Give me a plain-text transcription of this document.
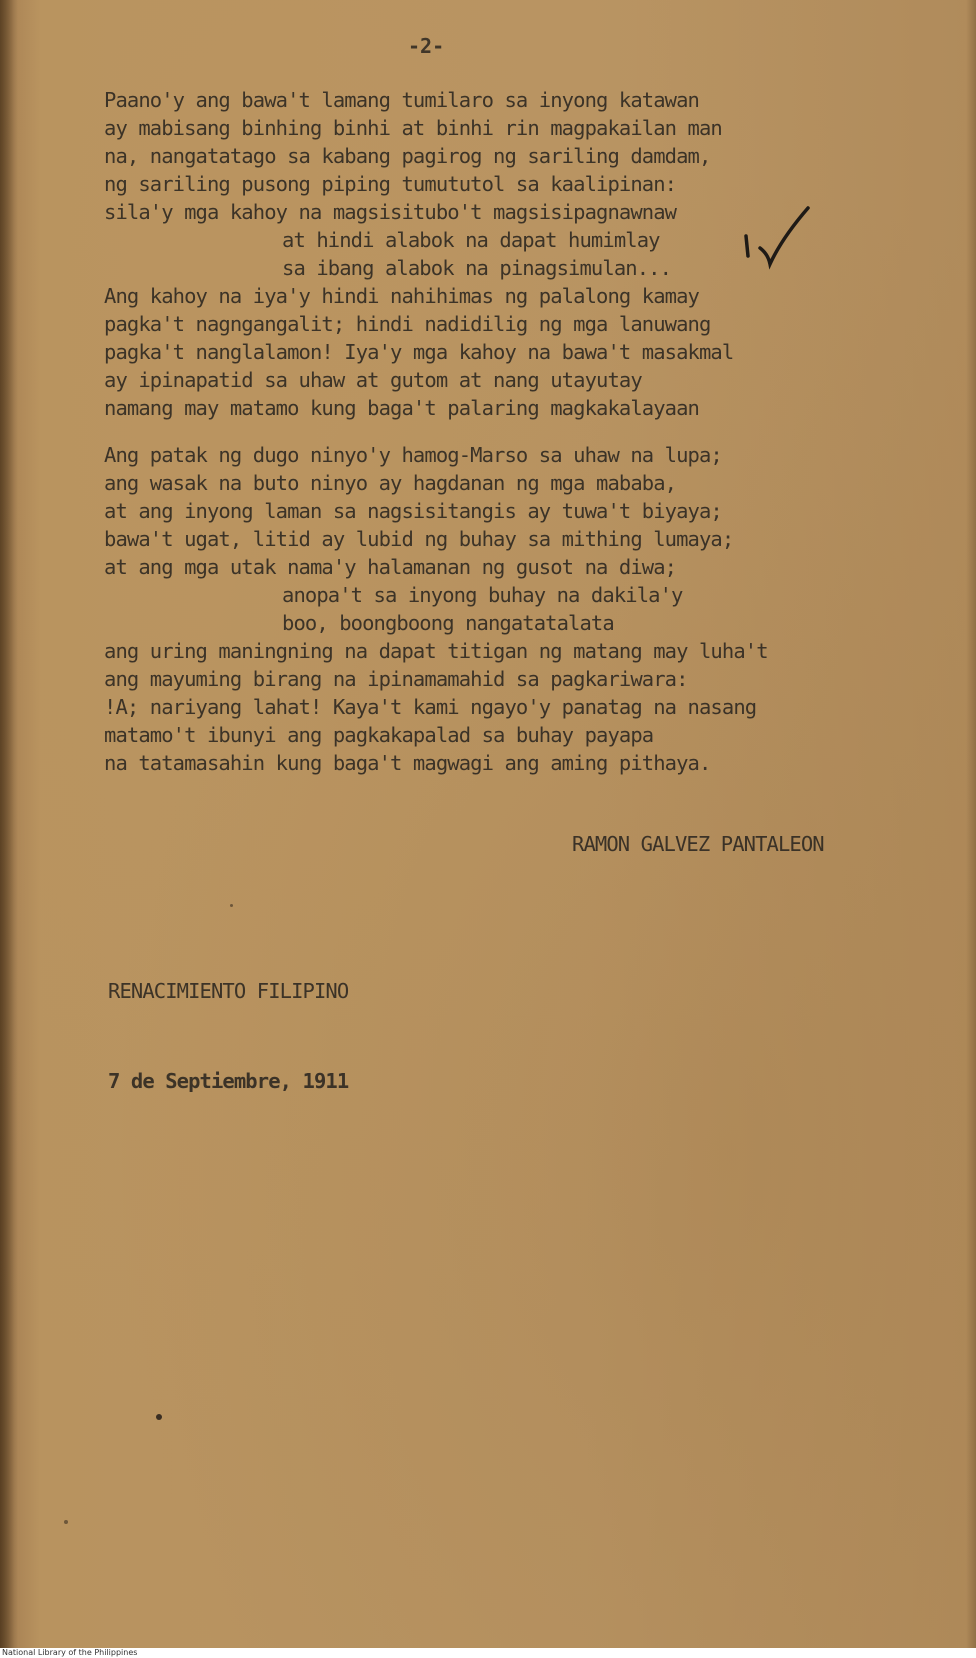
-2-
Paano'y ang bawa't lamang tumilaro sa inyong katawan
ay mabisang binhing binhi at binhi rin magpakailan man
na, nangatatago sa kabang pagirog ng sariling damdam,
ng sariling pusong piping tumututol sa kaalipinan:
sila'y mga kahoy na magsisitubo't magsisipagnawnaw
at hindi alabok na dapat humimlay
sa ibang alabok na pinagsimulan...
Ang kahoy na iya'y hindi nahihimas ng palalong kamay
pagka't nagngangalit; hindi nadidilig ng mga lanuwang
pagka't nanglalamon! Iya'y mga kahoy na bawa't masakmal
ay ipinapatid sa uhaw at gutom at nang utayutay
namang may matamo kung baga't palaring magkakalayaan
Ang patak ng dugo ninyo'y hamog-Marso sa uhaw na lupa;
ang wasak na buto ninyo ay hagdanan ng mga mababa,
at ang inyong laman sa nagsisitangis ay tuwa't biyaya;
bawa't ugat, litid ay lubid ng buhay sa mithing lumaya;
at ang mga utak nama'y halamanan ng gusot na diwa;
anopa't sa inyong buhay na dakila'y
boo, boongboong nangatatalata
ang uring maningning na dapat titigan ng matang may luha't
ang mayuming birang na ipinamamahid sa pagkariwara:
!A; nariyang lahat! Kaya't kami ngayo'y panatag na nasang
matamo't ibunyi ang pagkakapalad sa buhay payapa
na tatamasahin kung baga't magwagi ang aming pithaya.
RAMON GALVEZ PANTALEON

RENACIMIENTO FILIPINO

7 de Septiembre, 1911

National Library of the Philippines
